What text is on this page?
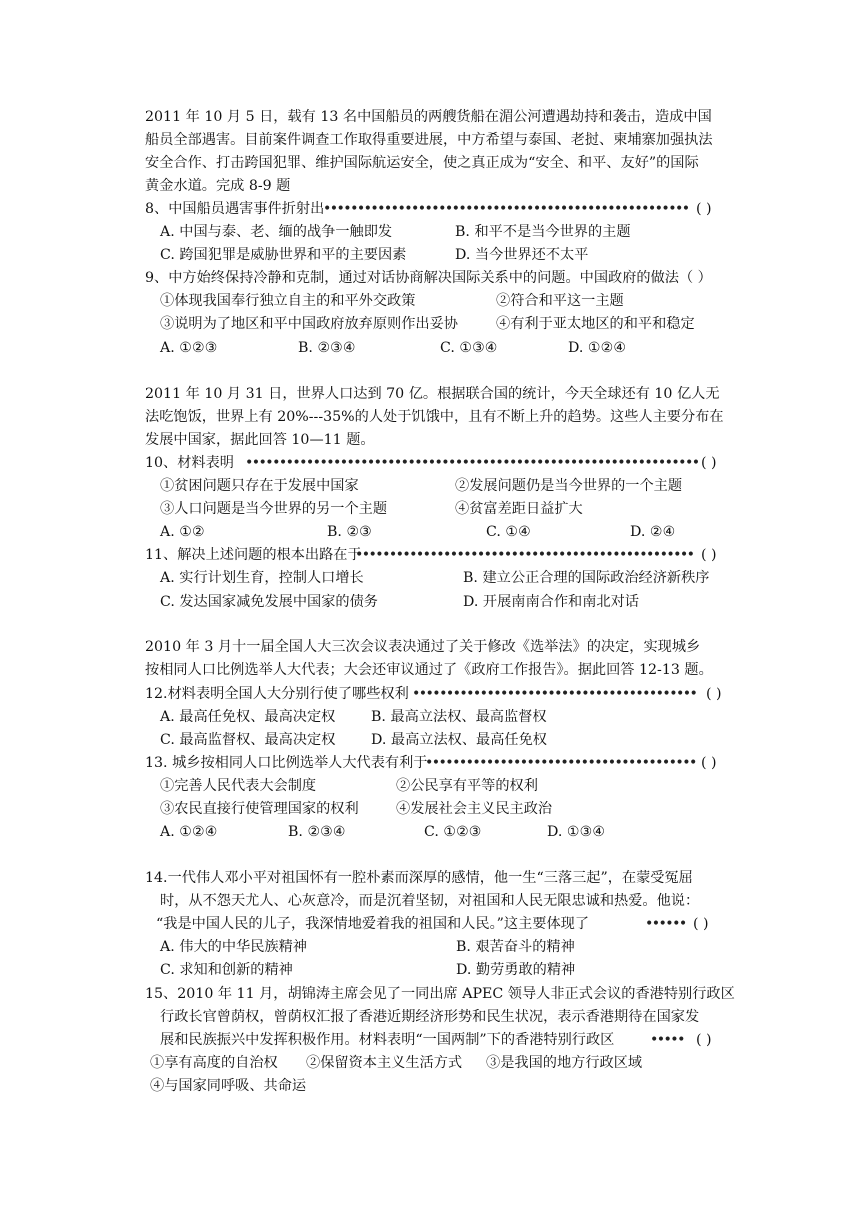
2011 年 10 月 5 日，载有 13 名中国船员的两艘货船在湄公河遭遇劫持和袭击，造成中国
船员全部遇害。目前案件调查工作取得重要进展，中方希望与泰国、老挝、柬埔寨加强执法
安全合作、打击跨国犯罪、维护国际航运安全，使之真正成为“安全、和平、友好”的国际
黄金水道。完成 8-9 题
8、中国船员遇害事件折射出
•••••••••••••••••••••••••••••••••••••••••••••••••••••• ( )
A. 中国与泰、老、缅的战争一触即发	B. 和平不是当今世界的主题
C. 跨国犯罪是威胁世界和平的主要因素	D. 当今世界还不太平
9、中方始终保持冷静和克制，通过对话协商解决国际关系中的问题。中国政府的做法（ ）
①体现我国奉行独立自主的和平外交政策	②符合和平这一主题
③说明为了地区和平中国政府放弃原则作出妥协	④有利于亚太地区的和平和稳定
A. ①②③	B. ②③④	C. ①③④	D. ①②④
2011 年 10 月 31 日，世界人口达到 70 亿。根据联合国的统计，今天全球还有 10 亿人无
法吃饱饭，世界上有 20%---35%的人处于饥饿中，且有不断上升的趋势。这些人主要分布在
发展中国家，据此回答 10—11 题。
10、材料表明 ••••••••••••••••••••••••••••••••••••••••••••••••••••••••••••••••••• ( )
①贫困问题只存在于发展中国家	②发展问题仍是当今世界的一个主题
③人口问题是当今世界的另一个主题	④贫富差距日益扩大
A. ①②	B. ②③	C. ①④	D. ②④
11、解决上述问题的根本出路在于
•••••••••••••••••••••••••••••••••••••••••••••••••• ( )
A. 实行计划生育，控制人口增长	B. 建立公正合理的国际政治经济新秩序
C. 发达国家减免发展中国家的债务	D. 开展南南合作和南北对话
2010 年 3 月十一届全国人大三次会议表决通过了关于修改《选举法》的决定，实现城乡
按相同人口比例选举人大代表；大会还审议通过了《政府工作报告》。据此回答 12-13 题。
12.材料表明全国人大分别行使了哪些权利 •••••••••••••••••••••••••••••••••••••••••• ( )
A. 最高任免权、最高决定权	B. 最高立法权、最高监督权
C. 最高监督权、最高决定权	D. 最高立法权、最高任免权
13. 城乡按相同人口比例选举人大代表有利于
•••••••••••••••••••••••••••••••••••••••• ( )
①完善人民代表大会制度	②公民享有平等的权利
③农民直接行使管理国家的权利	④发展社会主义民主政治
A. ①②④	B. ②③④	C. ①②③	D. ①③④
14.一代伟人邓小平对祖国怀有一腔朴素而深厚的感情，他一生“三落三起”，在蒙受冤屈
时，从不怨天尤人、心灰意冷，而是沉着坚韧，对祖国和人民无限忠诚和热爱。他说：
“我是中国人民的儿子，我深情地爱着我的祖国和人民。”这主要体现了	•••••• ( )
A. 伟大的中华民族精神	B. 艰苦奋斗的精神
C. 求知和创新的精神	D. 勤劳勇敢的精神
15、2010 年 11 月，胡锦涛主席会见了一同出席 APEC 领导人非正式会议的香港特别行政区
行政长官曾荫权，曾荫权汇报了香港近期经济形势和民生状况，表示香港期待在国家发
展和民族振兴中发挥积极作用。材料表明“一国两制”下的香港特别行政区	••••• ( )
①享有高度的自治权 ②保留资本主义生活方式 ③是我国的地方行政区域
④与国家同呼吸、共命运
